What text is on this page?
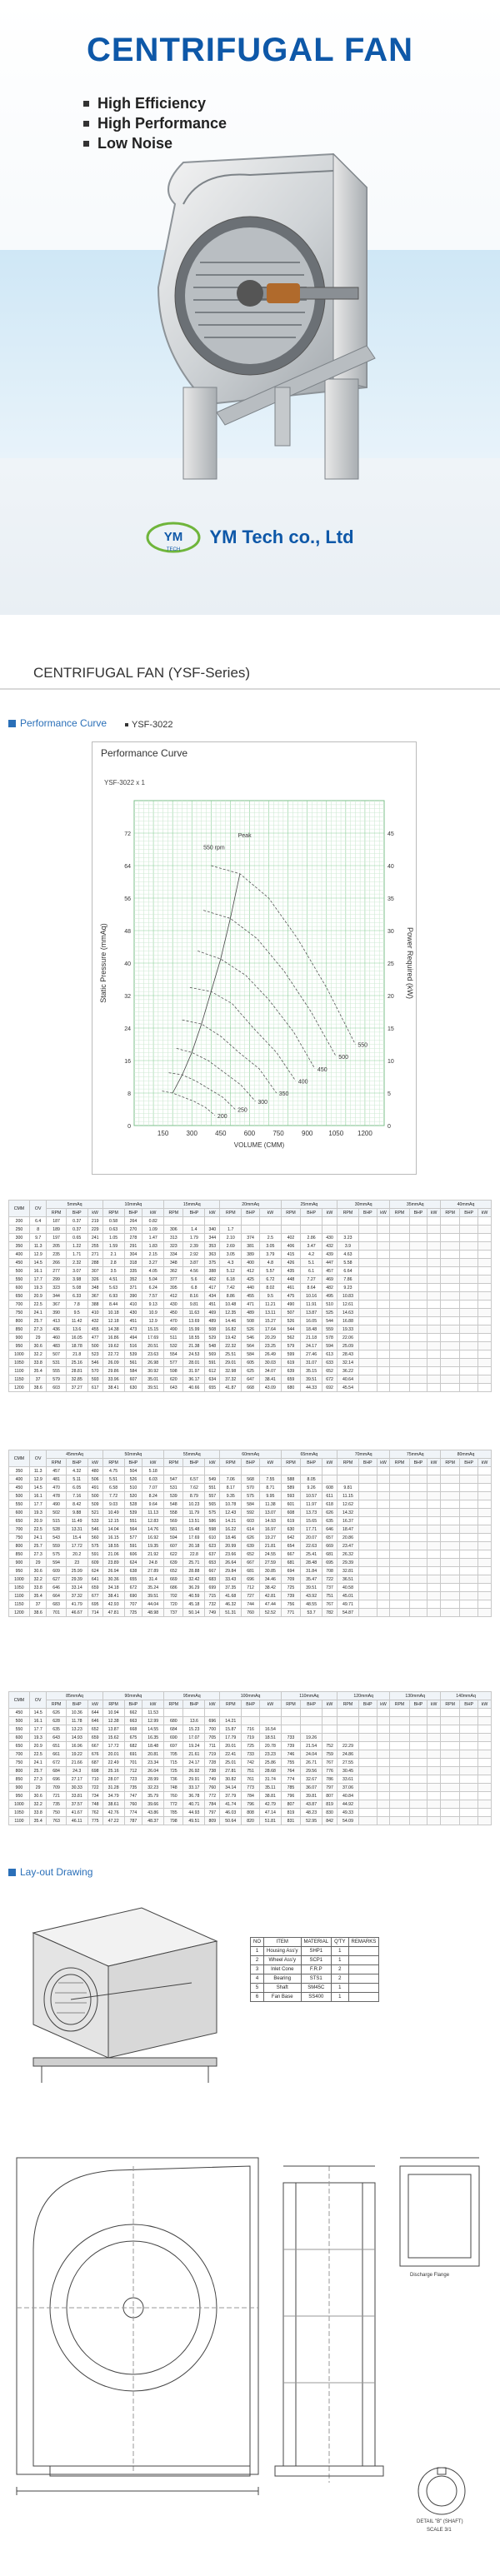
CENTRIFUGAL FAN
High Efficiency
High Performance
Low Noise
YM
TECH
YM Tech co., Ltd
CENTRIFUGAL FAN (YSF-Series)
Performance Curve	YSF-3022
Performance Curve
YSF-3022 x 1
150	300	450	600	750	900 1050 1200
0
8
16
24
32
40
48
56
64
72
0
5
10
15
20
25
30
35
40
45
VOLUME (CMM)
Static Pressure (mmAq)	Power Required (kW)
550
500
450
400
350
300
250
200
Peak
550 rpm
CMM	OV	5mmAq			10mmAq			15mmAq			20mmAq			25mmAq			30mmAq			35mmAq			40mmAq		
		RPM	BHP	kW	RPM	BHP	kW	RPM	BHP	kW	RPM	BHP	kW	RPM	BHP	kW	RPM	BHP	kW	RPM	BHP	kW	RPM	BHP	kW
200	6.4	187	0.37	219	0.58	264	0.82																		
250	8	189	0.37	229	0.63	270	1.09	306	1.4	340	1.7														
300	9.7	197	0.65	241	1.05	278	1.47	313	1.79	344	2.10	374	2.5	402	2.86	430	3.23								
350	11.3	205	1.22	255	1.59	291	1.83	323	2.39	353	2.69	381	3.05	406	3.47	432	3.9								
400	12.9	235	1.71	271	2.1	304	2.15	334	2.92	363	3.05	389	3.79	415	4.2	439	4.63								
450	14.5	266	2.32	288	2.8	318	3.27	348	3.87	375	4.3	400	4.8	426	5.1	447	5.58								
500	16.1	277	3.07	307	3.5	335	4.05	362	4.56	388	5.12	412	5.57	435	6.1	457	6.64								
550	17.7	299	3.98	326	4.51	352	5.04	377	5.6	402	6.18	425	6.72	448	7.27	469	7.86								
600	19.3	323	5.08	348	5.63	371	6.24	395	6.8	417	7.42	440	8.02	461	8.64	482	9.23								
650	20.9	344	6.33	367	6.93	390	7.57	412	8.16	434	8.86	455	9.5	475	10.16	495	10.83								
700	22.5	367	7.8	388	8.44	410	9.13	430	9.81	451	10.48	471	11.21	490	11.91	510	12.61								
750	24.1	390	9.5	410	10.18	430	10.9	450	11.63	469	12.35	489	13.11	507	13.87	525	14.63								
800	25.7	413	11.42	432	12.18	451	12.9	470	13.69	489	14.46	508	15.27	526	16.05	544	16.88								
850	27.3	436	13.6	455	14.38	473	15.15	490	15.99	508	16.82	526	17.64	544	18.48	559	19.33								
900	29	460	16.05	477	16.86	494	17.69	511	18.55	529	19.42	546	20.29	562	21.18	578	22.06								
950	30.6	483	18.78	500	19.62	516	20.51	532	21.38	548	22.32	564	23.25	579	24.17	594	25.09								
1000	32.2	507	21.8	523	22.72	539	23.63	554	24.53	569	25.51	584	26.49	599	27.46	613	28.43								
1050	33.8	531	25.16	546	26.09	561	26.98	577	28.01	591	29.01	605	30.03	619	31.07	633	32.14								
1100	35.4	555	28.81	570	29.86	584	30.92	598	31.97	612	32.98	625	34.07	639	35.15	652	36.22								
1150	37	579	32.85	593	33.96	607	35.01	620	36.17	634	37.32	647	38.41	659	39.51	672	40.64								
1200	38.6	603	37.27	617	38.41	630	39.51	643	40.66	655	41.87	668	43.09	680	44.33	692	45.54								
CMM	OV	45mmAq			50mmAq			55mmAq			60mmAq			65mmAq			70mmAq			75mmAq			80mmAq		
		RPM	BHP	kW	RPM	BHP	kW	RPM	BHP	kW	RPM	BHP	kW	RPM	BHP	kW	RPM	BHP	kW	RPM	BHP	kW	RPM	BHP	kW
350	11.3	457	4.32	480	4.75	504	5.18																		
400	12.9	481	5.11	506	5.51	526	6.03	547	6.57	549	7.06	568	7.55	588	8.05										
450	14.5	470	6.05	491	6.58	510	7.07	531	7.62	551	8.17	570	8.71	589	9.26	608	9.81								
500	16.1	478	7.16	500	7.72	520	8.24	539	8.79	557	9.35	575	9.95	593	10.57	611	11.15								
550	17.7	490	8.42	509	9.03	528	9.64	548	10.23	565	10.78	584	11.38	601	11.97	618	12.62								
600	19.3	502	9.88	521	10.49	539	11.13	558	11.79	575	12.43	592	13.07	608	13.73	626	14.32								
650	20.9	515	11.49	533	12.15	551	12.83	569	13.51	586	14.21	603	14.93	619	15.65	635	16.37								
700	22.5	528	13.31	546	14.04	564	14.76	581	15.48	598	16.22	614	16.97	630	17.71	646	18.47								
750	24.1	543	15.4	560	16.15	577	16.92	594	17.69	610	18.46	626	19.27	642	20.07	657	20.86								
800	25.7	559	17.72	575	18.55	591	19.35	607	20.18	623	20.99	639	21.81	654	22.63	669	23.47								
850	27.3	575	20.2	591	21.06	606	21.92	622	22.8	637	23.66	652	24.55	667	25.41	681	26.32								
900	29	594	23	609	23.89	624	24.8	639	25.71	653	26.64	667	27.59	681	28.48	695	29.39								
950	30.6	609	25.99	624	26.94	638	27.89	652	28.88	667	29.84	681	30.85	694	31.84	708	32.81								
1000	32.2	627	29.39	641	30.36	655	31.4	669	32.42	683	33.43	696	34.46	709	35.47	722	36.51								
1050	33.8	646	33.14	659	34.18	672	35.24	686	36.29	699	37.35	712	38.42	725	39.51	737	40.58								
1100	35.4	664	37.32	677	38.41	690	39.51	702	40.59	715	41.68	727	42.81	739	43.92	751	45.01								
1150	37	683	41.79	695	42.93	707	44.04	720	45.18	732	46.32	744	47.44	756	48.55	767	49.71								
1200	38.6	701	46.67	714	47.81	725	48.98	737	50.14	749	51.31	760	52.52	771	53.7	782	54.87								
CMM	OV	85mmAq			90mmAq			95mmAq			100mmAq			110mmAq			120mmAq			130mmAq			140mmAq		
		RPM	BHP	kW	RPM	BHP	kW	RPM	BHP	kW	RPM	BHP	kW	RPM	BHP	kW	RPM	BHP	kW	RPM	BHP	kW	RPM	BHP	kW
450	14.5	626	10.36	644	10.94	662	11.53																		
500	16.1	628	11.78	646	12.38	663	12.99	680	13.6	696	14.21														
550	17.7	635	13.23	652	13.87	668	14.55	684	15.23	700	15.87	716	16.54												
600	19.3	643	14.93	659	15.62	675	16.35	690	17.07	705	17.79	719	18.51	733	19.26										
650	20.9	651	16.96	667	17.72	682	18.48	697	19.24	711	20.01	725	20.78	739	21.54	752	22.29								
700	22.5	661	19.22	676	20.01	691	20.81	705	21.61	719	22.41	733	23.23	746	24.04	759	24.86								
750	24.1	672	21.66	687	22.49	701	23.34	715	24.17	728	25.01	742	25.86	755	26.71	767	27.55								
800	25.7	684	24.3	698	25.16	712	26.04	725	26.92	738	27.81	751	28.68	764	29.56	776	30.45								
850	27.3	696	27.17	710	28.07	723	28.99	736	29.91	749	30.82	761	31.74	774	32.67	786	33.61								
900	29	709	30.33	722	31.28	735	32.23	748	33.17	760	34.14	773	35.11	785	36.07	797	37.06								
950	30.6	721	33.81	734	34.79	747	35.79	760	36.78	772	37.79	784	38.81	796	39.81	807	40.84								
1000	32.2	735	37.57	748	38.61	760	39.66	772	40.71	784	41.74	796	42.79	807	43.87	819	44.92								
1050	33.8	750	41.67	762	42.76	774	43.86	785	44.93	797	46.03	808	47.14	819	48.23	830	49.33								
1100	35.4	763	46.11	775	47.22	787	48.37	798	49.51	809	50.64	820	51.81	831	52.95	842	54.09								
Lay-out Drawing
NO	ITEM	MATERIAL	Q'TY	REMARKS
1	Housing Ass'y	SHP1	1	
2	Wheel Ass'y	SCP1	1	
3	Inlet Cone	F.R.P	2	
4	Bearing	STS1	2	
5	Shaft	SM45C	1	
6	Fan Base	SS400	1	
Discharge Flange
DETAIL "B" (SHAFT)
SCALE 3/1
